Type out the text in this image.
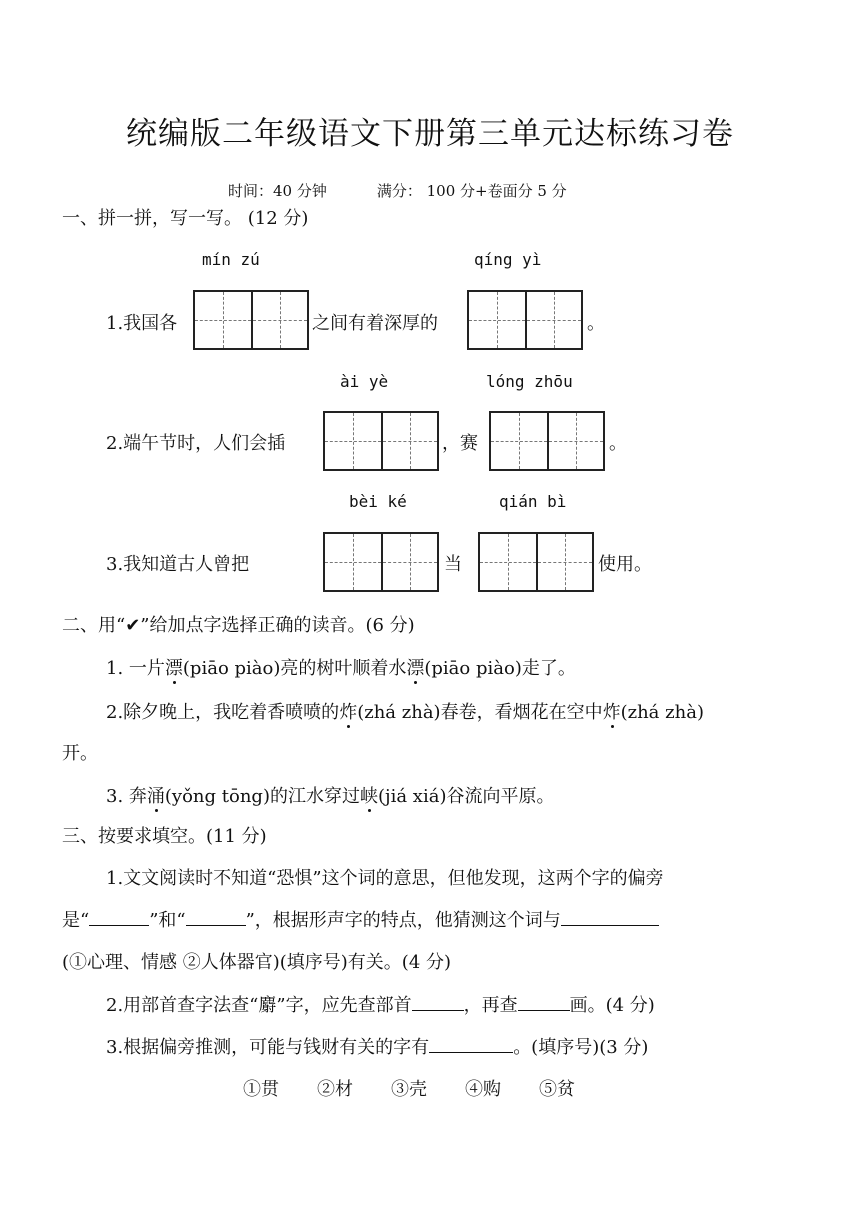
统编版二年级语文下册第三单元达标练习卷
时间：40 分钟	满分： 100 分+卷面分 5 分
一、拼一拼，写一写。 (12 分)
mín zú	qíng yì
1.我国各	之间有着深厚的	。
ài yè	lóng zhōu
2.端午节时，人们会插	，赛	。
bèi ké	qián bì
3.我知道古人曾把	当	使用。
二、用“✔”给加点字选择正确的读音。(6 分)
1. 一片漂(piāo piào)亮的树叶顺着水漂(piāo piào)走了。
2.除夕晚上，我吃着香喷喷的炸(zhá zhà)春卷，看烟花在空中炸(zhá zhà)
开。
3. 奔涌(yǒng tōng)的江水穿过峡(jiá xiá)谷流向平原。
三、按要求填空。(11 分)
1.文文阅读时不知道“恐惧”这个词的意思，但他发现，这两个字的偏旁
是“	”和“	”，根据形声字的特点，他猜测这个词与
(①心理、情感 ②人体器官)(填序号)有关。(4 分)
2.用部首查字法查“麝”字，应先查部首	，再查	画。(4 分)
3.根据偏旁推测，可能与钱财有关的字有	。(填序号)(3 分)
①贯 ②材 ③壳 ④购 ⑤贫
